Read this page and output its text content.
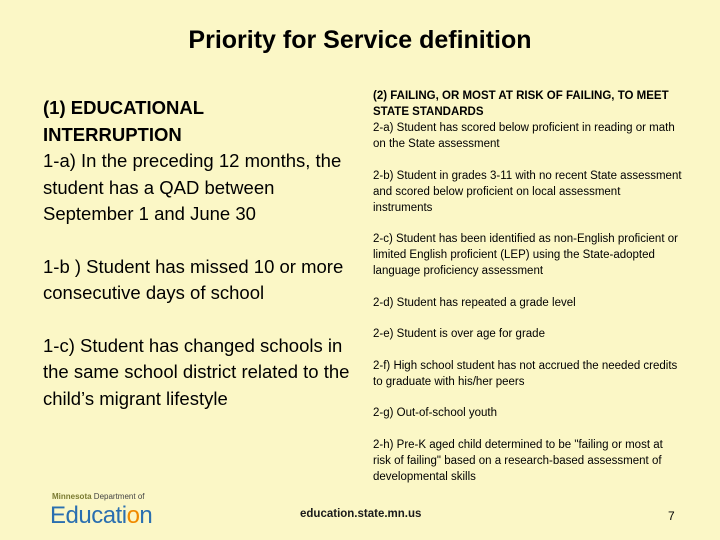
Priority for Service definition

(1) EDUCATIONAL

INTERRUPTION

1-a) In the preceding 12 months, the student has a QAD between September 1 and June 30

1-b ) Student has missed 10 or more consecutive days of school

1-c) Student has changed schools in the same school district related to the child’s migrant lifestyle

(2) FAILING, OR MOST AT RISK OF FAILING, TO MEET STATE STANDARDS

2-a) Student has scored below proficient in reading or math on the State assessment

2-b) Student in grades 3-11 with no recent State assessment and scored below proficient on local assessment instruments

2-c) Student has been identified as non-English proficient or limited English proficient (LEP) using the State-adopted language proficiency assessment

2-d) Student has repeated a grade level

2-e) Student is over age for grade

2-f) High school student has not accrued the needed credits to graduate with his/her peers

2-g) Out-of-school youth

2-h) Pre-K aged child determined to be "failing or most at risk of failing" based on a research-based assessment of developmental skills

Minnesota Department of
Education	education.state.mn.us	7
